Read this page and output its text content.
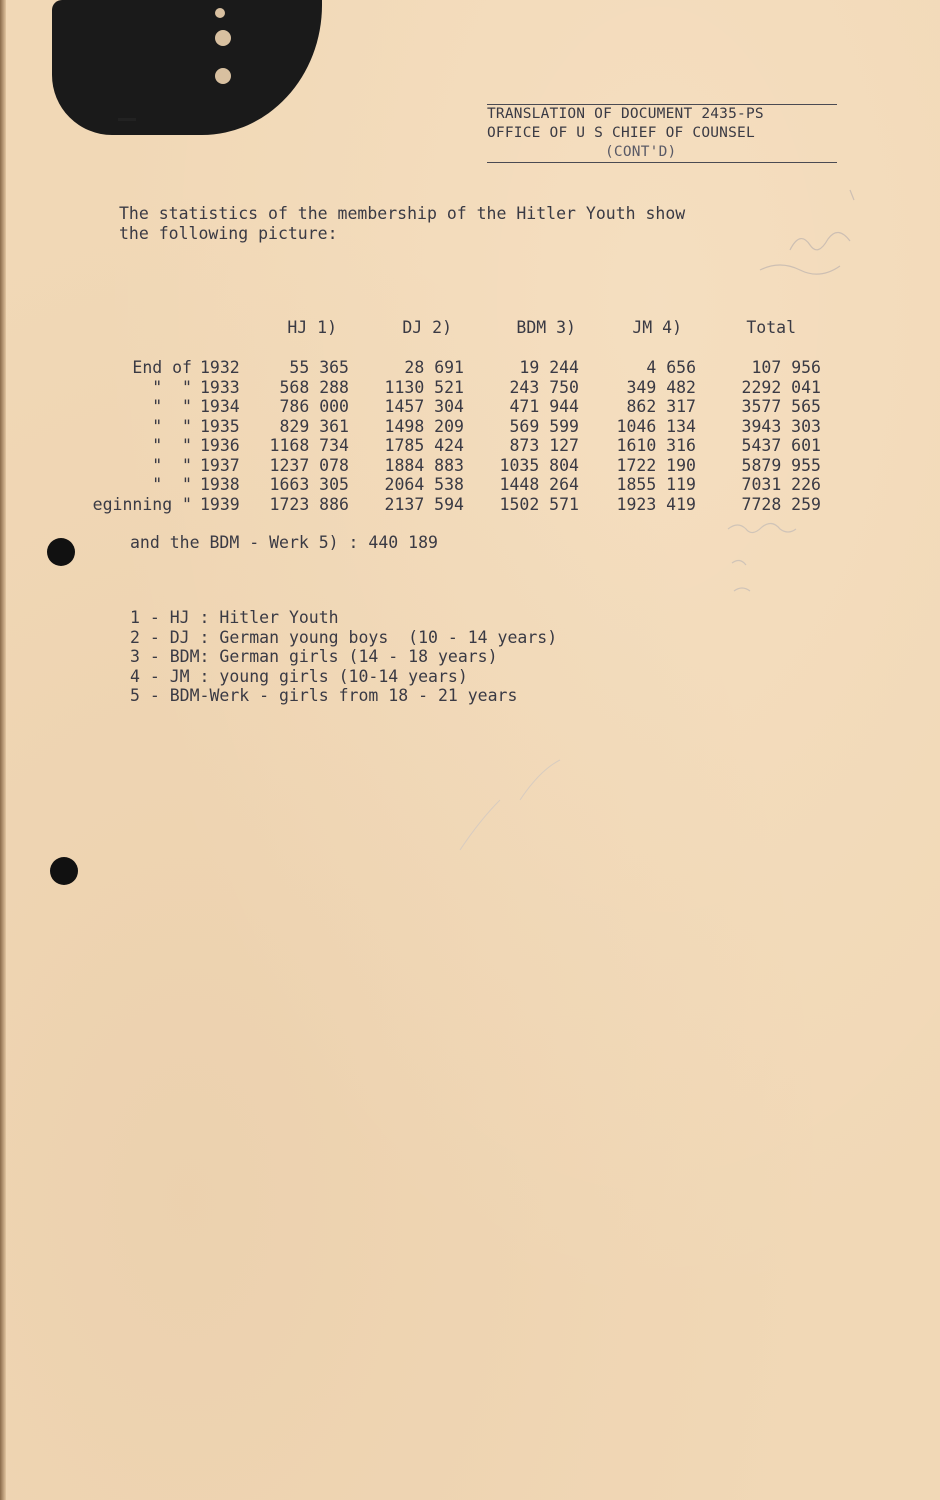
TRANSLATION OF DOCUMENT 2435-PS
OFFICE OF U S CHIEF OF COUNSEL
(CONT'D)
The statistics of the membership of the Hitler Youth show
the following picture:
HJ 1)	DJ 2)	BDM 3)	JM 4)	Total
End of 1932	55 365	28 691	19 244	4 656	107 956
"  " 1933	568 288	1130 521	243 750	349 482	2292 041
"  " 1934	786 000	1457 304	471 944	862 317	3577 565
"  " 1935	829 361	1498 209	569 599	1046 134	3943 303
"  " 1936	1168 734	1785 424	873 127	1610 316	5437 601
"  " 1937	1237 078	1884 883	1035 804	1722 190	5879 955
"  " 1938	1663 305	2064 538	1448 264	1855 119	7031 226
eginning " 1939	1723 886	2137 594	1502 571	1923 419	7728 259
and the BDM - Werk 5) : 440 189
1 - HJ : Hitler Youth
2 - DJ : German young boys  (10 - 14 years)
3 - BDM: German girls (14 - 18 years)
4 - JM : young girls (10-14 years)
5 - BDM-Werk - girls from 18 - 21 years
